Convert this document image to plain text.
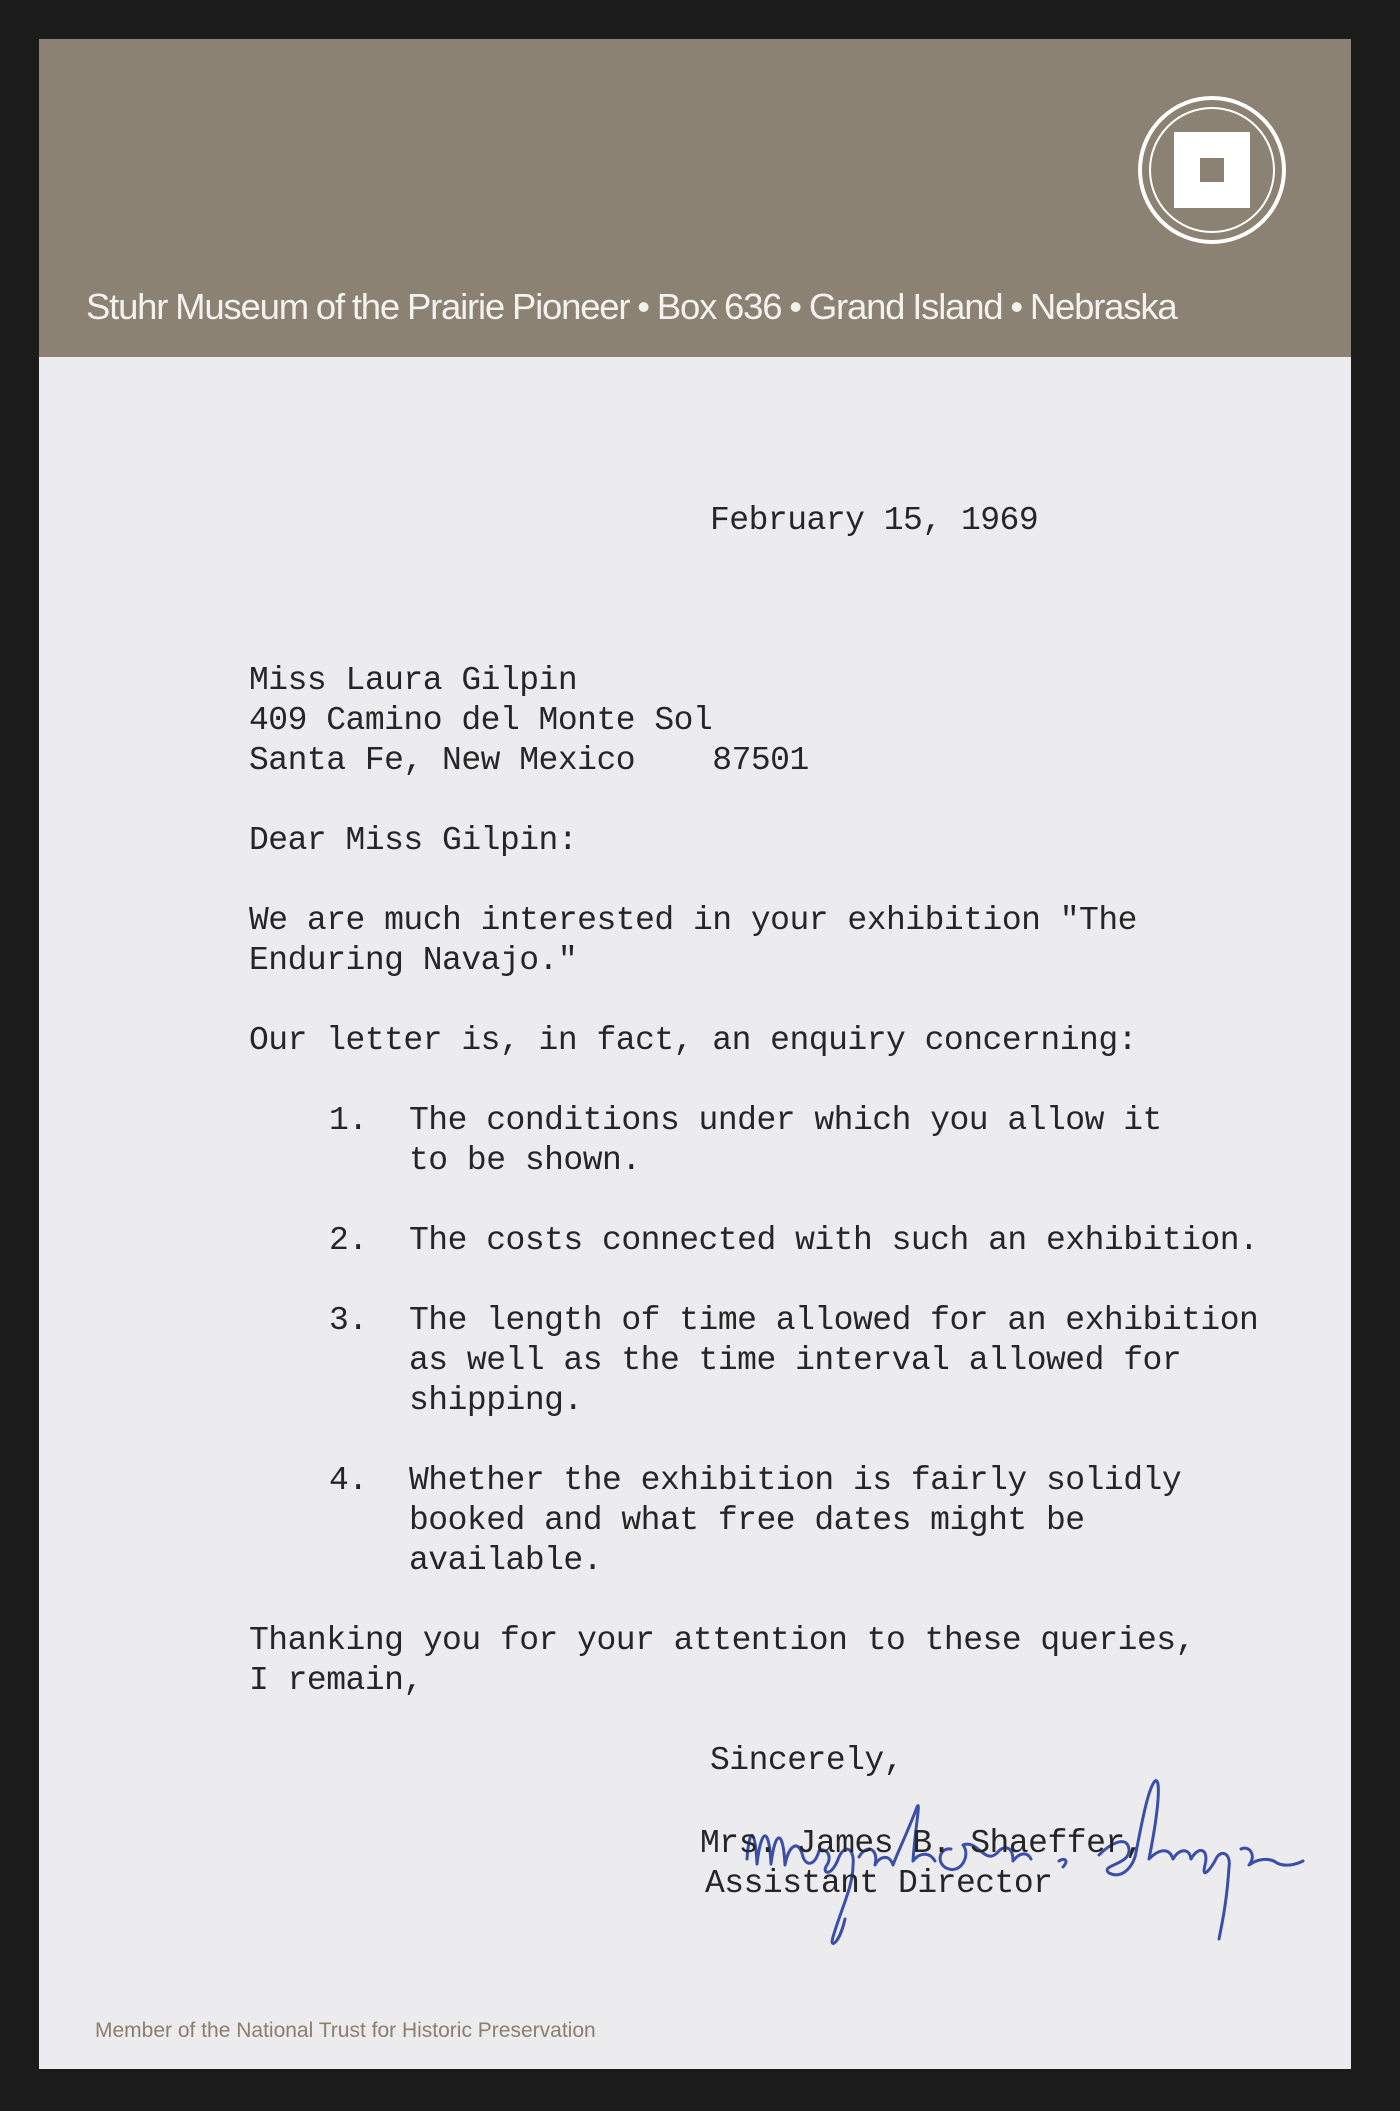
Stuhr Museum of the Prairie Pioneer • Box 636 • Grand Island • Nebraska
February 15, 1969
Miss Laura Gilpin
409 Camino del Monte Sol
Santa Fe, New Mexico    87501
Dear Miss Gilpin:
We are much interested in your exhibition "The
Enduring Navajo."
Our letter is, in fact, an enquiry concerning:
1. The conditions under which you allow it
to be shown.
2. The costs connected with such an exhibition.
3. The length of time allowed for an exhibition
as well as the time interval allowed for
shipping.
4. Whether the exhibition is fairly solidly
booked and what free dates might be
available.
Thanking you for your attention to these queries,
I remain,
Sincerely,
Mrs. James B. Shaeffer,
Assistant Director
Member of the National Trust for Historic Preservation
